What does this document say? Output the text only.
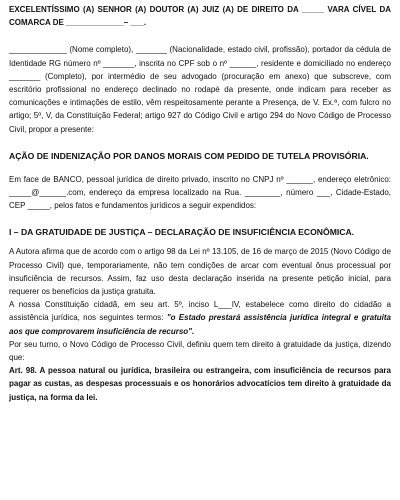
EXCELENTÍSSIMO (A) SENHOR (A) DOUTOR (A) JUIZ (A) DE DIREITO DA _____ VARA CÍVEL DA COMARCA DE _____________– ___.

_____________ (Nome completo), _______ (Nacionalidade, estado civil, profissão), portador da cédula de Identidade RG número nº _______, inscrita no CPF sob o nº ______, residente e domiciliado no endereço _______ (Completo), por intermédio de seu advogado (procuração em anexo) que subscreve, com escritório profissional no endereço declinado no rodapé da presente, onde indicam para receber as comunicações e intimações de estilo, vêm respeitosamente perante a Presença, de V. Ex.ª, com fulcro no artigo; 5º, V, da Constituição Federal; artigo 927 do Código Civil e artigo 294 do Novo Código de Processo Civil, propor a presente:

AÇÃO DE INDENIZAÇÃO POR DANOS MORAIS COM PEDIDO DE TUTELA PROVISÓRIA.

Em face de BANCO, pessoal jurídica de direito privado, inscrito no CNPJ nº ______, endereço eletrônico: _____@______.com, endereço da empresa localizado na Rua. ________, número ___, Cidade-Estado, CEP _____, pelos fatos e fundamentos jurídicos a seguir expendidos:

I – DA GRATUIDADE DE JUSTIÇA – DECLARAÇÃO DE INSUFICIÊNCIA ECONÔMICA.

A Autora afirma que de acordo com o artigo 98 da Lei nº 13.105, de 16 de março de 2015 (Novo Código de Processo Civil) que, temporariamente, não tem condições de arcar com eventual ônus processual por insuficiência de recursos. Assim, faz uso desta declaração inserida na presente petição inicial, para requerer os benefícios da justiça gratuita.

A nossa Constituição cidadã, em seu art. 5º, inciso L___IV, estabelece como direito do cidadão a assistência jurídica, nos seguintes termos: "o Estado prestará assistência jurídica integral e gratuita aos que comprovarem insuficiência de recurso".

Por seu turno, o Novo Código de Processo Civil, definiu quem tem direito à gratuidade da justiça, dizendo que:

Art. 98. A pessoa natural ou jurídica, brasileira ou estrangeira, com insuficiência de recursos para pagar as custas, as despesas processuais e os honorários advocatícios tem direito à gratuidade da justiça, na forma da lei.
